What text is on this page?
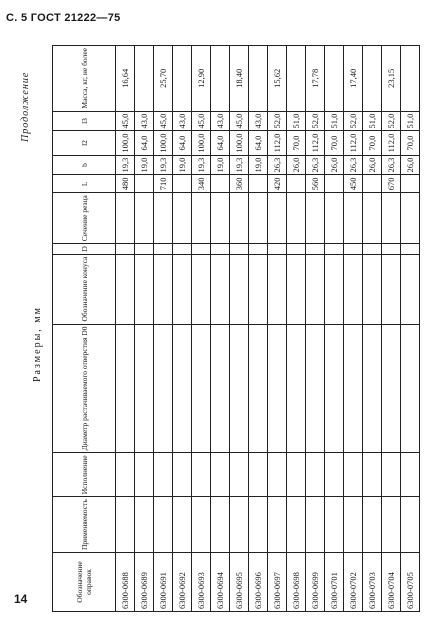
С. 5 ГОСТ 21222—75
14
Размеры, мм
Продолжение
Обозначение оправок	Применяемость	Исполнение	Диаметр растачиваемого отверстия D0	Обозначение конуса	D	Сечение резца	L	b	l2	l3	Масса, кг, не более
6300-0688							480	19,3	100,0	45,0	16,64
6300-0689								19,0	64,0	43,0	
6300-0691							710	19,3	100,0	45,0	25,70
6300-0692								19,0	64,0	43,0	
6300-0693							340	19,3	100,0	45,0	12,90
6300-0694								19,0	64,0	43,0	
6300-0695							360	19,3	100,0	45,0	18,40
6300-0696								19,0	64,0	43,0	
6300-0697							420	26,3	112,0	52,0	15,62
6300-0698								26,0	70,0	51,0	
6300-0699							560	26,3	112,0	52,0	17,78
6300-0701								26,0	70,0	51,0	
6300-0702							450	26,3	112,0	52,0	17,40
6300-0703								26,0	70,0	51,0	
6300-0704							670	26,3	112,0	52,0	23,15
6300-0705								26,0	70,0	51,0	
